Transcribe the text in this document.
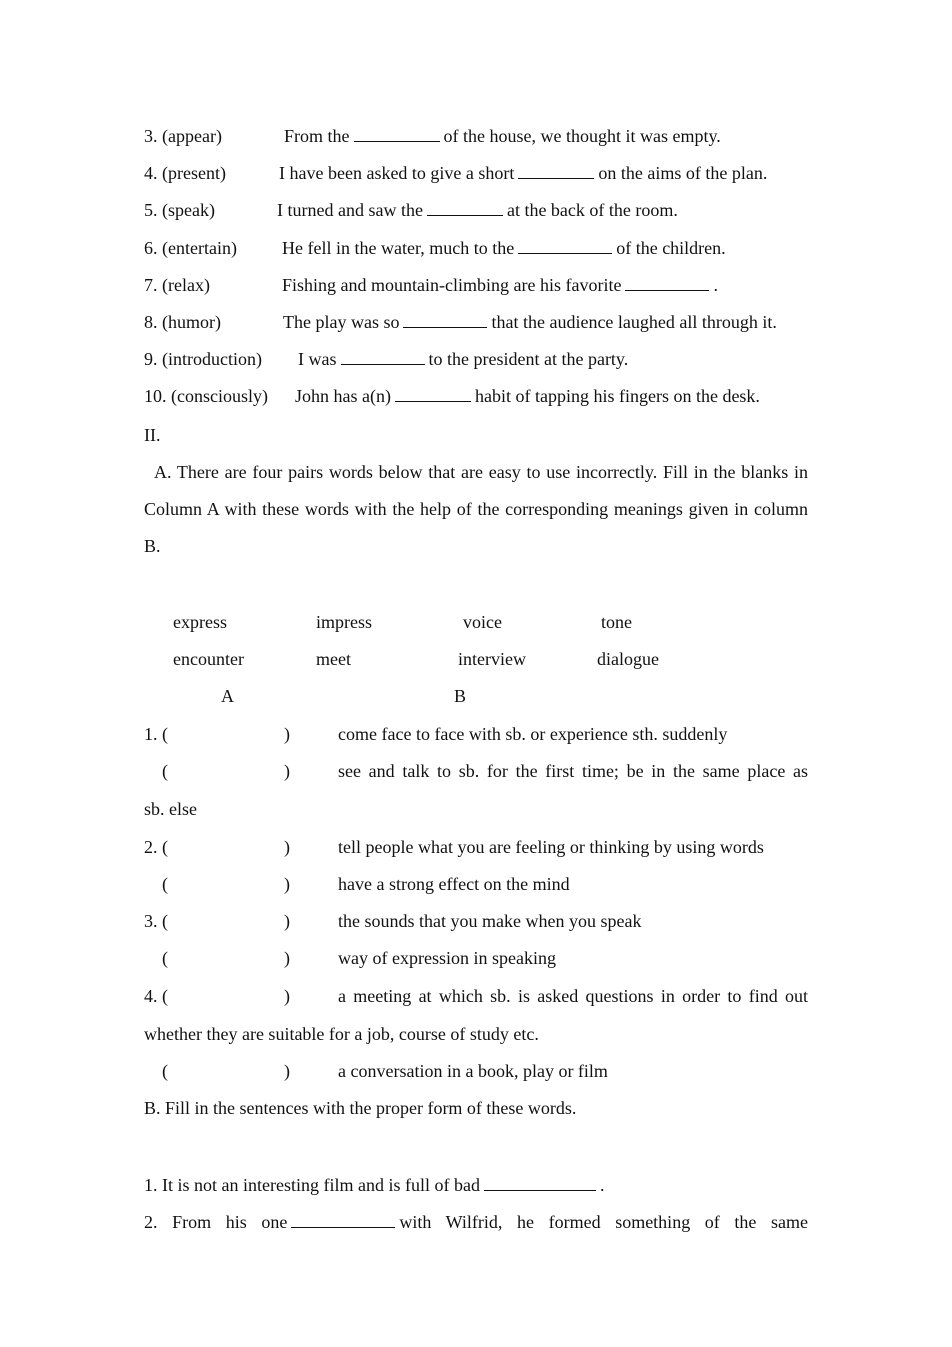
3. (appear)	From the	of the house, we thought it was empty.
4. (present)	I have been asked to give a short	on the aims of the plan.
5. (speak)	I turned and saw the	at the back of the room.
6. (entertain)	He fell in the water, much to the	of the children.
7. (relax)	Fishing and mountain-climbing are his favorite	.
8. (humor)	The play was so	that the audience laughed all through it.
9. (introduction) I was	to the president at the party.
10. (consciously) John has a(n)	habit of tapping his fingers on the desk.
II.
A. There are four pairs words below that are easy to use incorrectly. Fill in the blanks in Column A with these words with the help of the corresponding meanings given in column B.
express	impress	voice	tone
encounter	meet	interview	dialogue
A	B
1. (	)	come face to face with sb. or experience sth. suddenly
(	)	see and talk to sb. for the first time; be in the same place as
sb. else
2. (	)	tell people what you are feeling or thinking by using words
(	)	have a strong effect on the mind
3. (	)	the sounds that you make when you speak
(	)	way of expression in speaking
4. (	)	a meeting at which sb. is asked questions in order to find out
whether they are suitable for a job, course of study etc.
(	)	a conversation in a book, play or film
B. Fill in the sentences with the proper form of these words.
1. It is not an interesting film and is full of bad	.
2. From his one	with Wilfrid, he formed something of the same
